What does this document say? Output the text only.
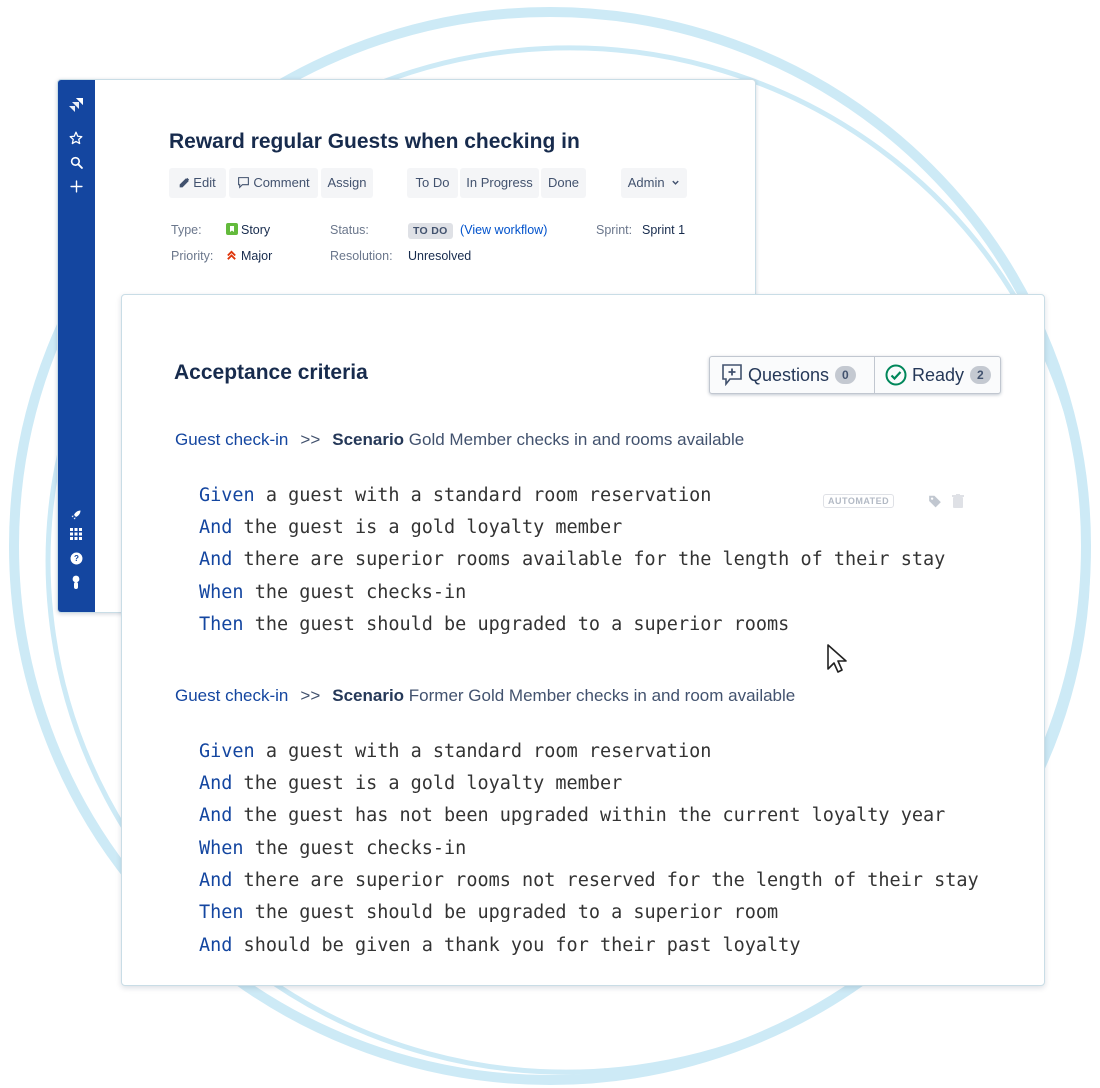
?
Reward regular Guests when checking in
Edit	Comment	Assign	To Do	In Progress	Done	Admin
Type:	Story
Priority:	Major
Status:	TO DO (View workflow)
Resolution: Unresolved
Sprint: Sprint 1
Acceptance criteria	Questions	0	Ready	2
Guest check-in >> Scenario Gold Member checks in and rooms available
AUTOMATED
Given a guest with a standard room reservation
And the guest is a gold loyalty member
And there are superior rooms available for the length of their stay
When the guest checks-in
Then the guest should be upgraded to a superior rooms
Guest check-in >> Scenario Former Gold Member checks in and room available
Given a guest with a standard room reservation
And the guest is a gold loyalty member
And the guest has not been upgraded within the current loyalty year
When the guest checks-in
And there are superior rooms not reserved for the length of their stay
Then the guest should be upgraded to a superior room
And should be given a thank you for their past loyalty
